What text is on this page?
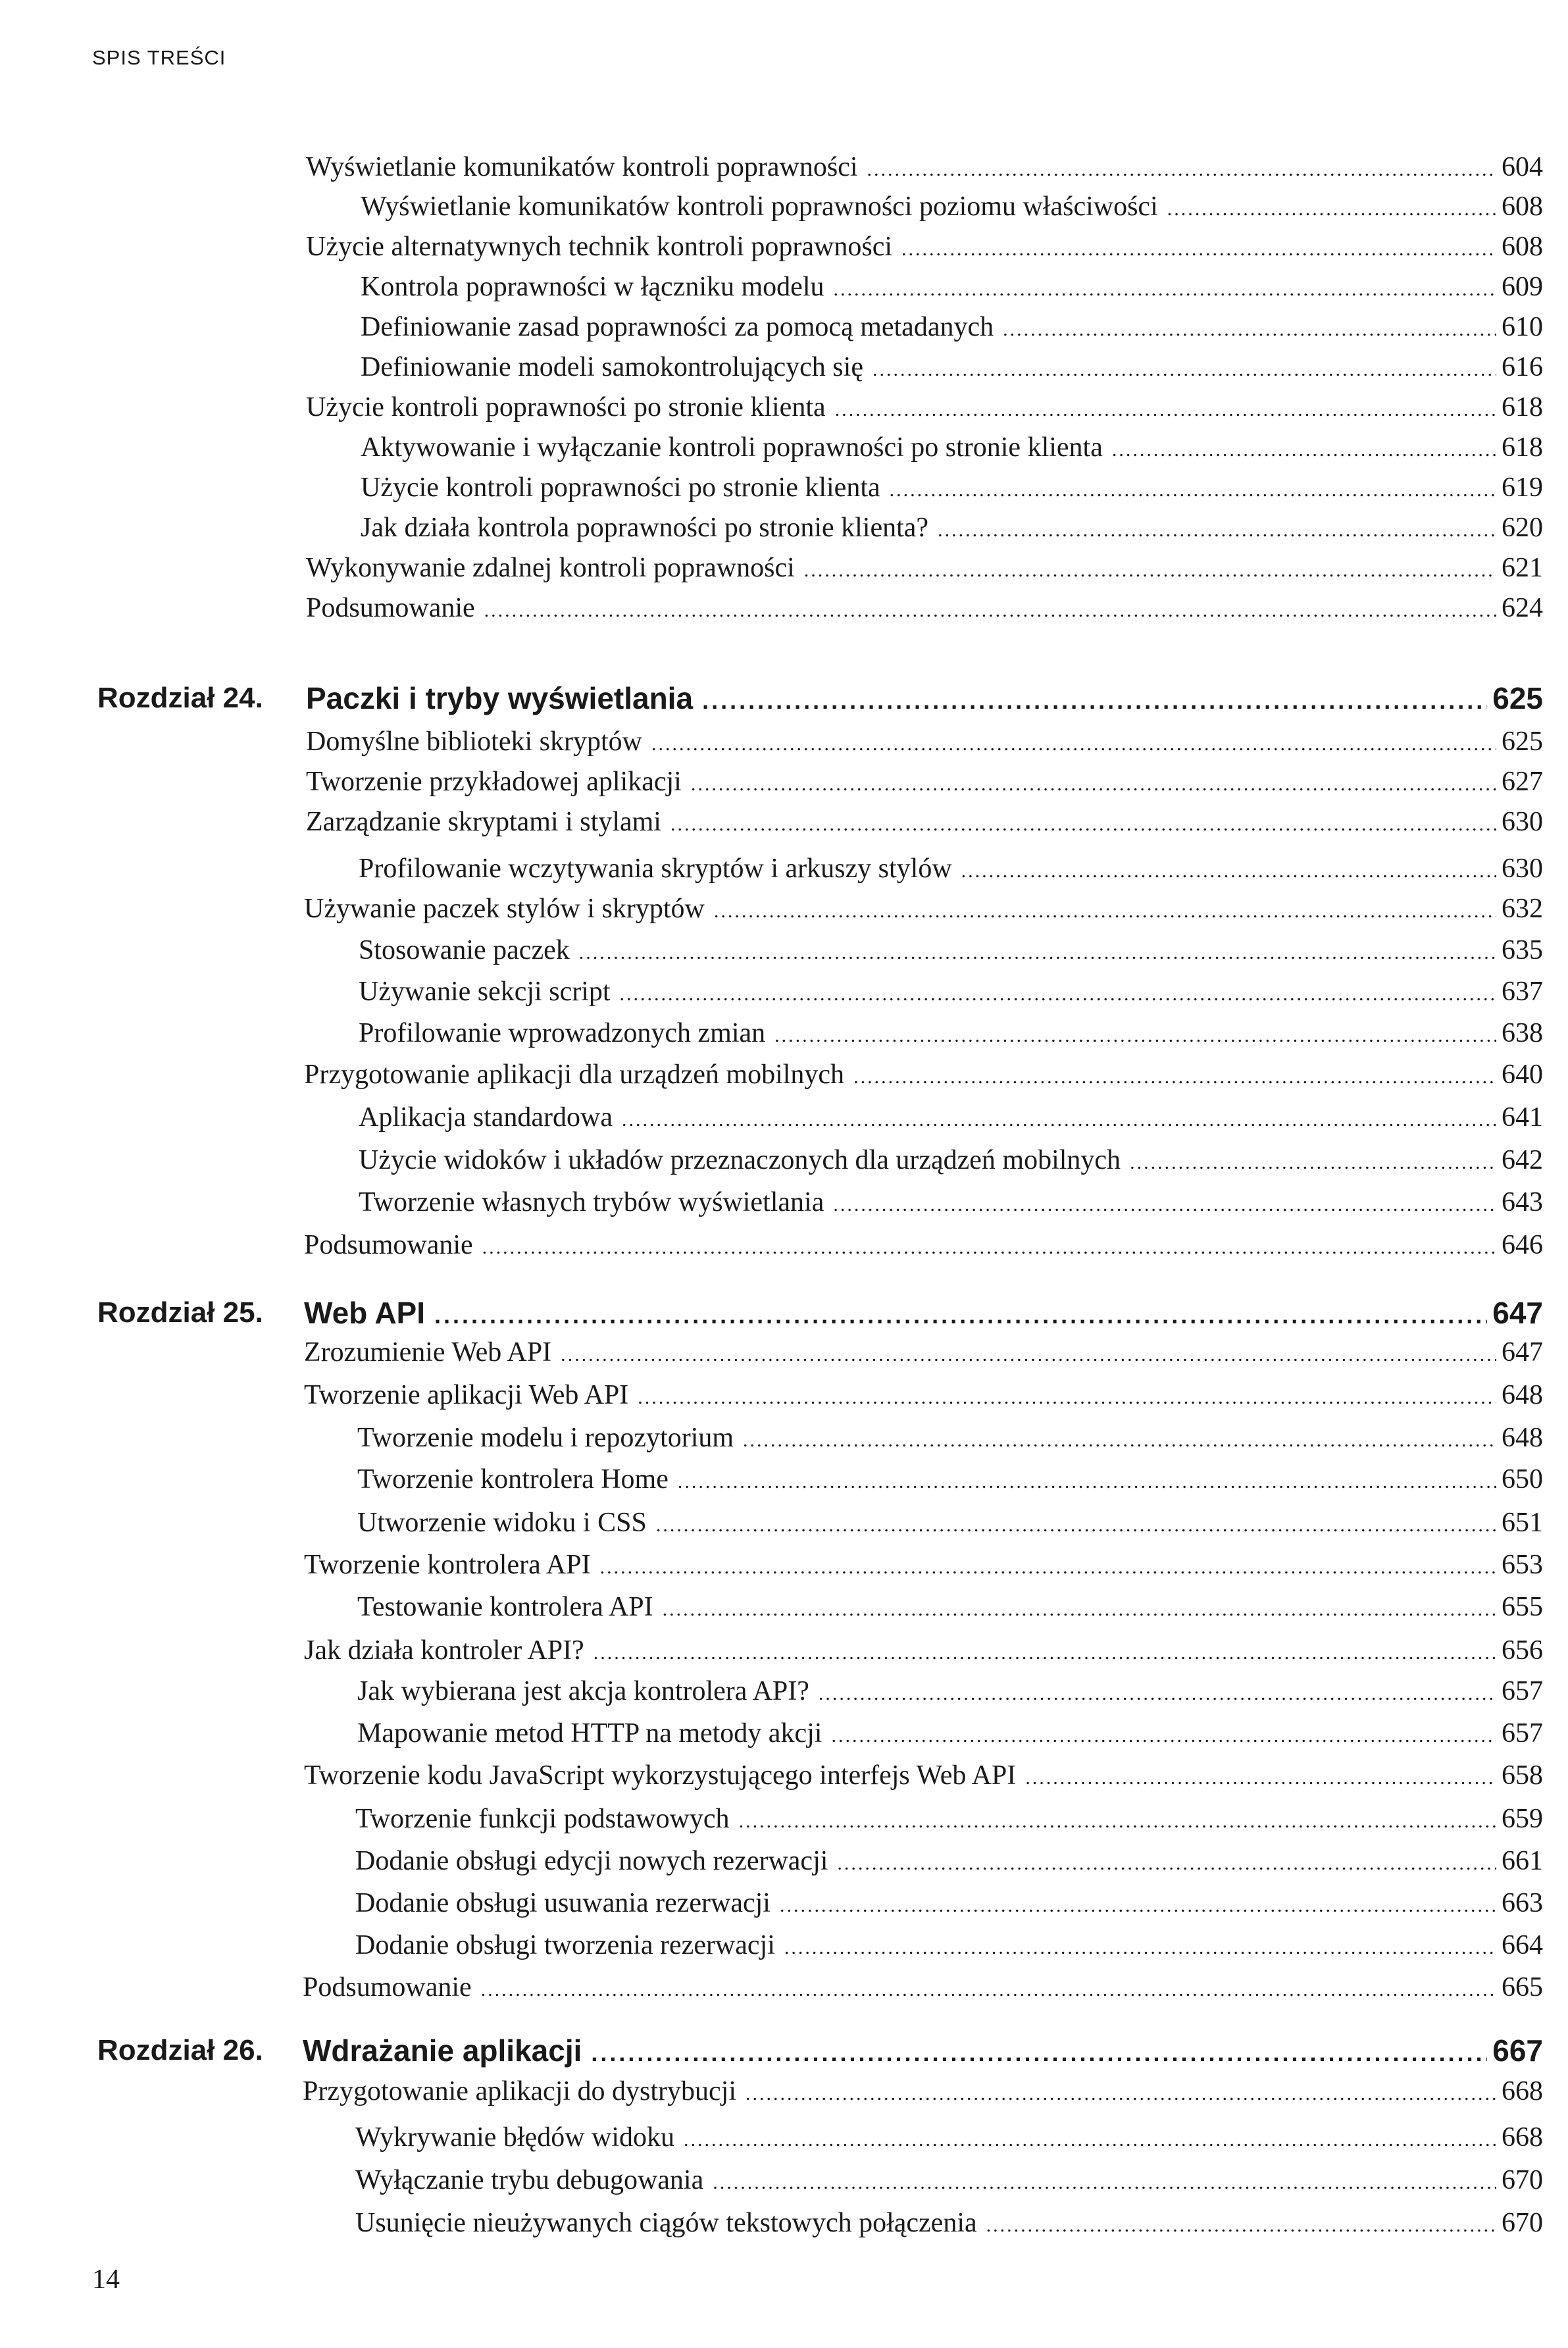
SPIS TREŚCI
Wyświetlanie komunikatów kontroli poprawności .....	604
Wyświetlanie komunikatów kontroli poprawności poziomu właściwości .....	608
Użycie alternatywnych technik kontroli poprawności .....	608
Kontrola poprawności w łączniku modelu .....	609
Definiowanie zasad poprawności za pomocą metadanych .....	610
Definiowanie modeli samokontrolujących się .....	616
Użycie kontroli poprawności po stronie klienta .....	618
Aktywowanie i wyłączanie kontroli poprawności po stronie klienta .....	618
Użycie kontroli poprawności po stronie klienta .....	619
Jak działa kontrola poprawności po stronie klienta? .....	620
Wykonywanie zdalnej kontroli poprawności .....	621
Podsumowanie .....	624
Rozdział 24. Paczki i tryby wyświetlania .....	625
Domyślne biblioteki skryptów .....	625
Tworzenie przykładowej aplikacji .....	627
Zarządzanie skryptami i stylami .....	630
Profilowanie wczytywania skryptów i arkuszy stylów .....	630
Używanie paczek stylów i skryptów .....	632
Stosowanie paczek .....	635
Używanie sekcji script .....	637
Profilowanie wprowadzonych zmian .....	638
Przygotowanie aplikacji dla urządzeń mobilnych .....	640
Aplikacja standardowa .....	641
Użycie widoków i układów przeznaczonych dla urządzeń mobilnych .....	642
Tworzenie własnych trybów wyświetlania .....	643
Podsumowanie .....	646
Rozdział 25. Web API .....	647
Zrozumienie Web API .....	647
Tworzenie aplikacji Web API .....	648
Tworzenie modelu i repozytorium .....	648
Tworzenie kontrolera Home .....	650
Utworzenie widoku i CSS .....	651
Tworzenie kontrolera API .....	653
Testowanie kontrolera API .....	655
Jak działa kontroler API? .....	656
Jak wybierana jest akcja kontrolera API? .....	657
Mapowanie metod HTTP na metody akcji .....	657
Tworzenie kodu JavaScript wykorzystującego interfejs Web API .....	658
Tworzenie funkcji podstawowych .....	659
Dodanie obsługi edycji nowych rezerwacji .....	661
Dodanie obsługi usuwania rezerwacji .....	663
Dodanie obsługi tworzenia rezerwacji .....	664
Podsumowanie .....	665
Rozdział 26. Wdrażanie aplikacji .....	667
Przygotowanie aplikacji do dystrybucji .....	668
Wykrywanie błędów widoku .....	668
Wyłączanie trybu debugowania .....	670
Usunięcie nieużywanych ciągów tekstowych połączenia .....	670
14
